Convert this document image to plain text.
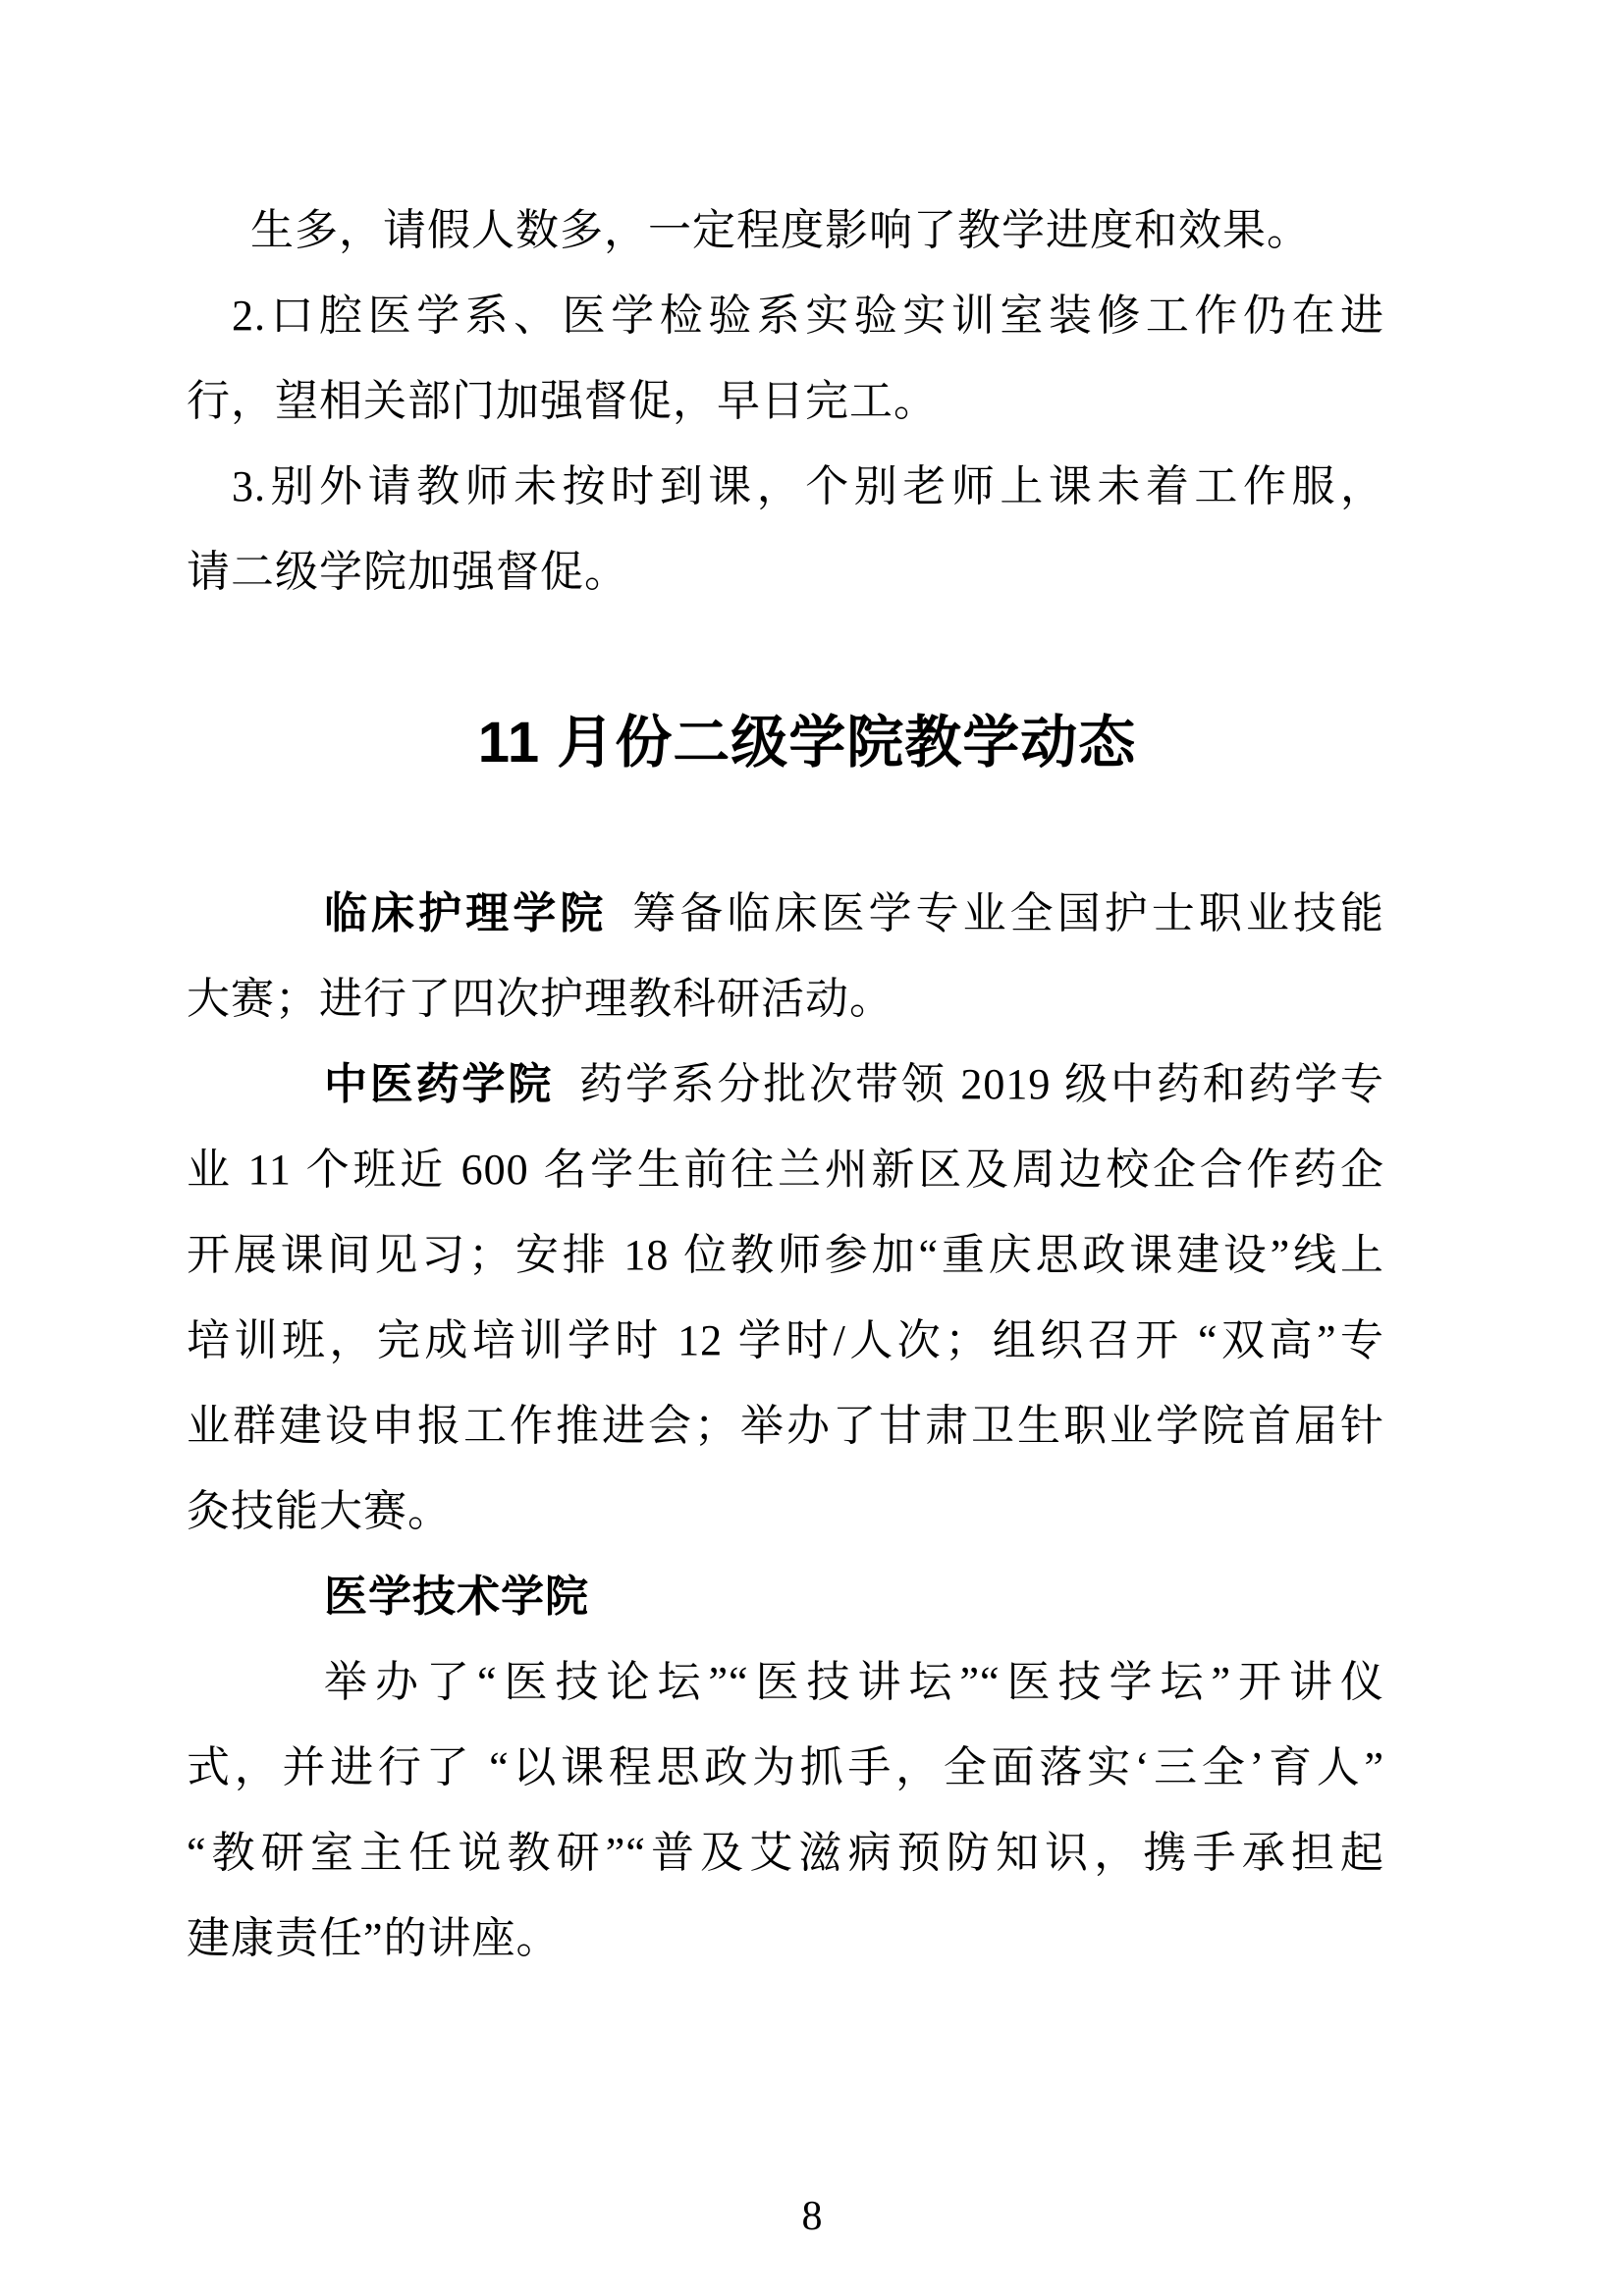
生多，请假人数多，一定程度影响了教学进度和效果。
2.口腔医学系、医学检验系实验实训室装修工作仍在进
行，望相关部门加强督促，早日完工。
3.别外请教师未按时到课，个别老师上课未着工作服，
请二级学院加强督促。
11 月份二级学院教学动态
临床护理学院 筹备临床医学专业全国护士职业技能
大赛；进行了四次护理教科研活动。
中医药学院 药学系分批次带领 2019 级中药和药学专
业 11 个班近 600 名学生前往兰州新区及周边校企合作药企
开展课间见习；安排 18 位教师参加“重庆思政课建设”线上
培训班，完成培训学时 12 学时/人次；组织召开 “双高”专
业群建设申报工作推进会；举办了甘肃卫生职业学院首届针
灸技能大赛。
医学技术学院
举办了“医技论坛”“医技讲坛”“医技学坛”开讲仪
式，并进行了 “以课程思政为抓手，全面落实‘三全’育人”
“教研室主任说教研”“普及艾滋病预防知识，携手承担起
建康责任”的讲座。
8
